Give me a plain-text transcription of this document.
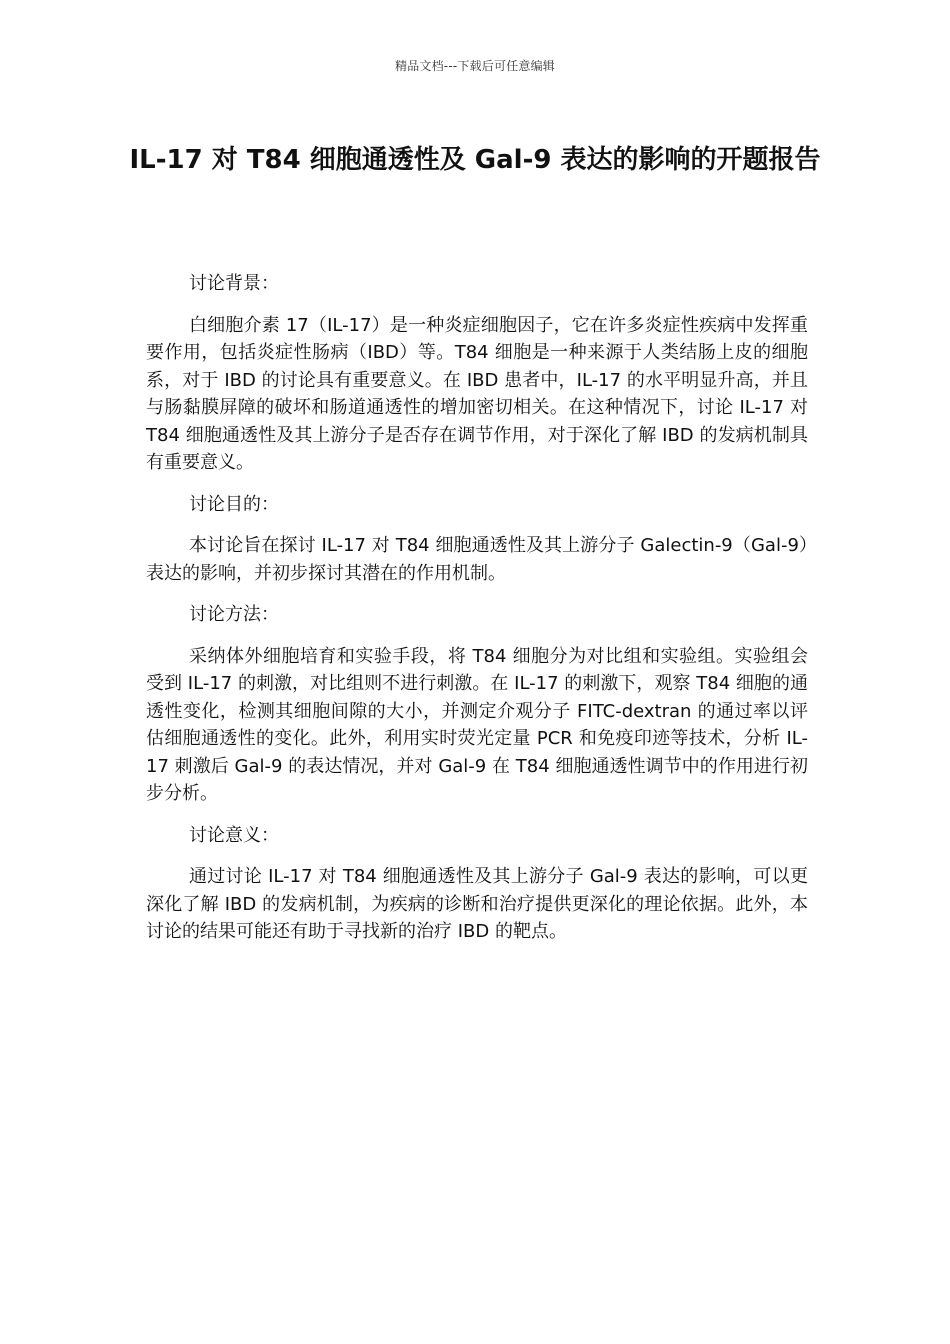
精品文档---下载后可任意编辑
IL-17 对 T84 细胞通透性及 Gal-9 表达的影响的开题报告

讨论背景：

白细胞介素 17（IL-17）是一种炎症细胞因子，它在许多炎症性疾病中发挥重要作用，包括炎症性肠病（IBD）等。T84 细胞是一种来源于人类结肠上皮的细胞系，对于 IBD 的讨论具有重要意义。在 IBD 患者中，IL-17 的水平明显升高，并且与肠黏膜屏障的破坏和肠道通透性的增加密切相关。在这种情况下，讨论 IL-17 对 T84 细胞通透性及其上游分子是否存在调节作用，对于深化了解 IBD 的发病机制具有重要意义。

讨论目的：

本讨论旨在探讨 IL-17 对 T84 细胞通透性及其上游分子 Galectin-9（Gal-9）表达的影响，并初步探讨其潜在的作用机制。

讨论方法：

采纳体外细胞培育和实验手段，将 T84 细胞分为对比组和实验组。实验组会受到 IL-17 的刺激，对比组则不进行刺激。在 IL-17 的刺激下，观察 T84 细胞的通透性变化，检测其细胞间隙的大小，并测定介观分子 FITC-dextran 的通过率以评估细胞通透性的变化。此外，利用实时荧光定量 PCR 和免疫印迹等技术，分析 IL-17 刺激后 Gal-9 的表达情况，并对 Gal-9 在 T84 细胞通透性调节中的作用进行初步分析。

讨论意义：

通过讨论 IL-17 对 T84 细胞通透性及其上游分子 Gal-9 表达的影响，可以更深化了解 IBD 的发病机制，为疾病的诊断和治疗提供更深化的理论依据。此外，本讨论的结果可能还有助于寻找新的治疗 IBD 的靶点。
